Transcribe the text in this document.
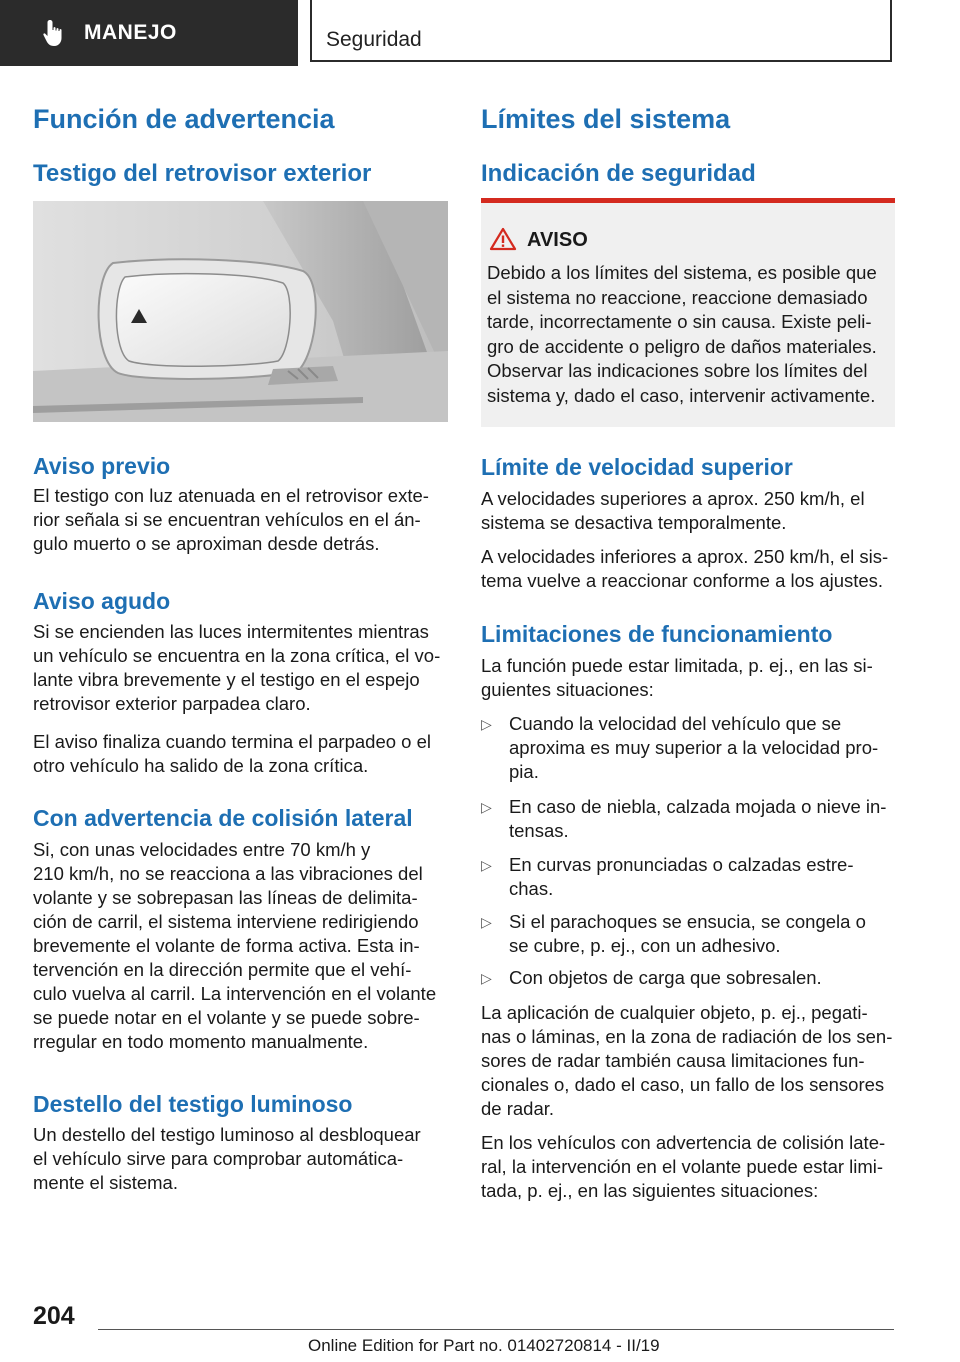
MANEJO	Seguridad
Función de advertencia
Testigo del retrovisor exterior
Aviso previo
El testigo con luz atenuada en el retrovisor exte-
rior señala si se encuentran vehículos en el án-
gulo muerto o se aproximan desde detrás.
Aviso agudo
Si se encienden las luces intermitentes mientras
un vehículo se encuentra en la zona crítica, el vo-
lante vibra brevemente y el testigo en el espejo
retrovisor exterior parpadea claro.
El aviso finaliza cuando termina el parpadeo o el
otro vehículo ha salido de la zona crítica.
Con advertencia de colisión lateral
Si, con unas velocidades entre 70 km/h y
210 km/h, no se reacciona a las vibraciones del
volante y se sobrepasan las líneas de delimita-
ción de carril, el sistema interviene redirigiendo
brevemente el volante de forma activa. Esta in-
tervención en la dirección permite que el vehí-
culo vuelva al carril. La intervención en el volante
se puede notar en el volante y se puede sobre-
rregular en todo momento manualmente.
Destello del testigo luminoso
Un destello del testigo luminoso al desbloquear
el vehículo sirve para comprobar automática-
mente el sistema.
Límites del sistema
Indicación de seguridad
AVISO
Debido a los límites del sistema, es posible que
el sistema no reaccione, reaccione demasiado
tarde, incorrectamente o sin causa. Existe peli-
gro de accidente o peligro de daños materiales.
Observar las indicaciones sobre los límites del
sistema y, dado el caso, intervenir activamente.
Límite de velocidad superior
A velocidades superiores a aprox. 250 km/h, el
sistema se desactiva temporalmente.
A velocidades inferiores a aprox. 250 km/h, el sis-
tema vuelve a reaccionar conforme a los ajustes.
Limitaciones de funcionamiento
La función puede estar limitada, p. ej., en las si-
guientes situaciones:
▷ Cuando la velocidad del vehículo que se
aproxima es muy superior a la velocidad pro-
pia.
▷ En caso de niebla, calzada mojada o nieve in-
tensas.
▷ En curvas pronunciadas o calzadas estre-
chas.
▷ Si el parachoques se ensucia, se congela o
se cubre, p. ej., con un adhesivo.
▷ Con objetos de carga que sobresalen.
La aplicación de cualquier objeto, p. ej., pegati-
nas o láminas, en la zona de radiación de los sen-
sores de radar también causa limitaciones fun-
cionales o, dado el caso, un fallo de los sensores
de radar.
En los vehículos con advertencia de colisión late-
ral, la intervención en el volante puede estar limi-
tada, p. ej., en las siguientes situaciones:
204
Online Edition for Part no. 01402720814 - II/19
